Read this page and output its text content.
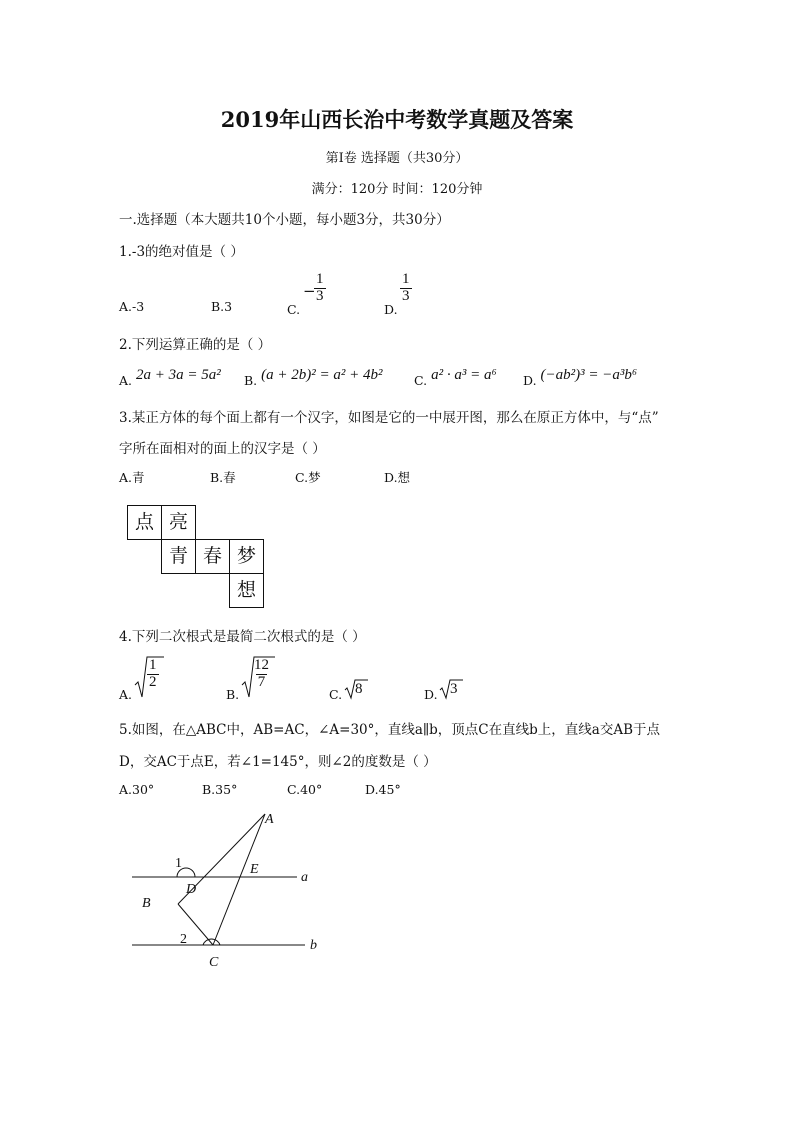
2019年山西长治中考数学真题及答案
第Ⅰ卷 选择题（共30分）
满分：120分 时间：120分钟
一.选择题（本大题共10个小题，每小题3分，共30分）
1.-3的绝对值是（ ）
A.-3	B.3	C.
−
$\frac{1}{3}$
D.
$\frac{1}{3}$
2.下列运算正确的是（ ）
A. 2a + 3a = 5a² B. (a + 2b)² = a² + 4b²	C. a² · a³ = a⁶ D. (−ab²)³ = −a³b⁶
3.某正方体的每个面上都有一个汉字，如图是它的一中展开图，那么在原正方体中，与“点”
字所在面相对的面上的汉字是（ ）
A.青	B.春	C.梦	D.想
点 亮
青 春 梦
想
4.下列二次根式是最简二次根式的是（ ）
A.
$\frac{1}{2}$
B.
$\frac{12}{7}$
C. 8	D. 3
5.如图，在△ABC中，AB=AC，∠A=30°，直线a∥b，顶点C在直线b上，直线a交AB于点
D，交AC于点E，若∠1=145°，则∠2的度数是（ ）
A.30°	B.35°	C.40°	D.45°
A
B
C
D
E
a
b
1
2
